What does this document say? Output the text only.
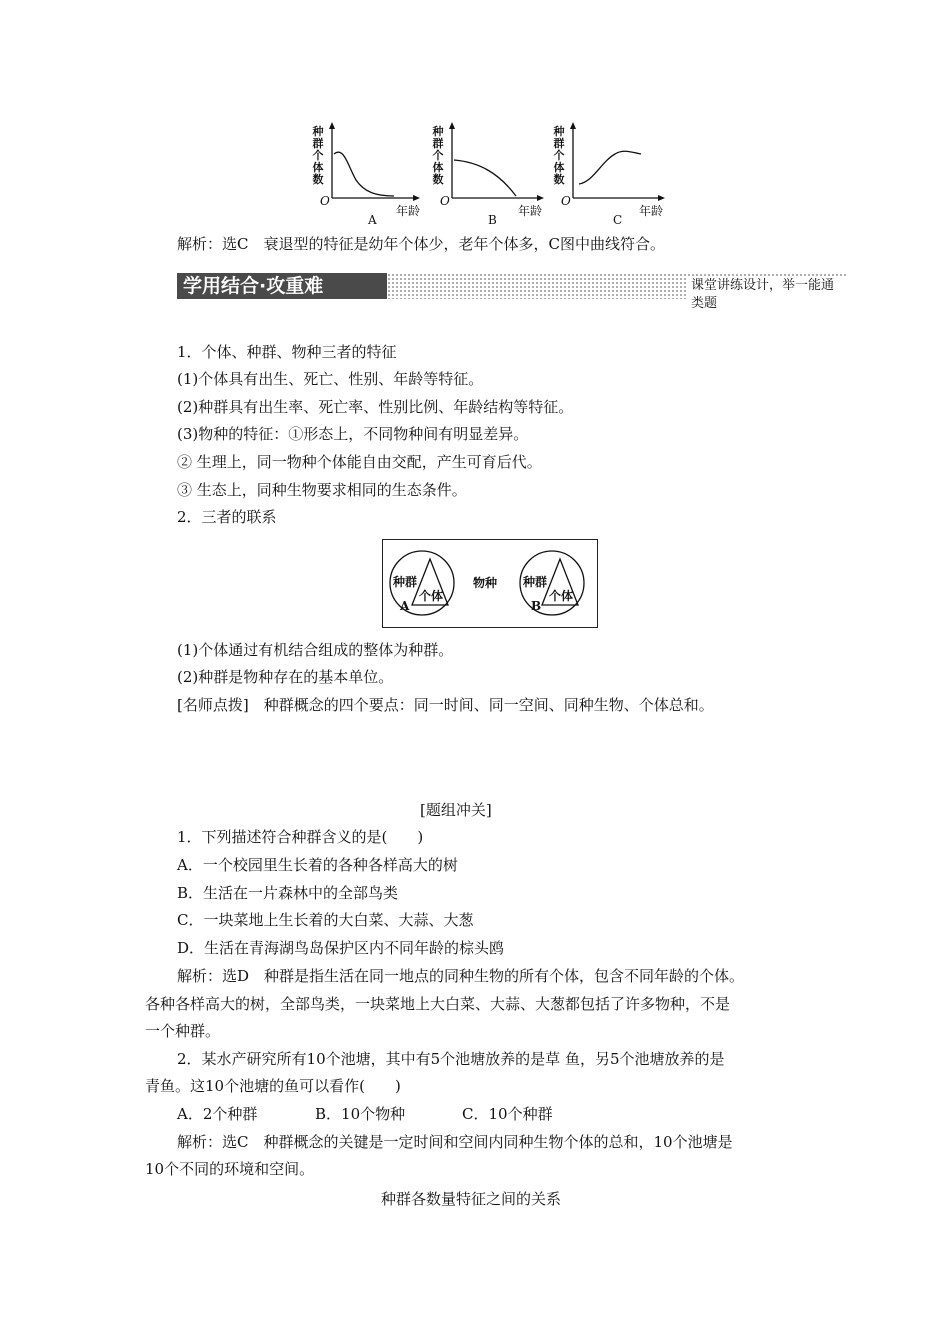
种群个体数
O
年龄
A
种群个体数
O
年龄
B
种群个体数
O
年龄
C
解析：选C　衰退型的特征是幼年个体少，老年个体多，C图中曲线符合。
学用结合·攻重难	课堂讲练设计，举一能通类题
1．个体、种群、物种三者的特征
(1)个体具有出生、死亡、性别、年龄等特征。
(2)种群具有出生率、死亡率、性别比例、年龄结构等特征。
(3)物种的特征：①形态上，不同物种间有明显差异。
② 生理上，同一物种个体能自由交配，产生可育后代。
③ 生态上，同种生物要求相同的生态条件。
2．三者的联系
种群
个体
A
物种 种群
个体
B
(1)个体通过有机结合组成的整体为种群。
(2)种群是物种存在的基本单位。
[名师点拨]　种群概念的四个要点：同一时间、同一空间、同种生物、个体总和。
[题组冲关]
1．下列描述符合种群含义的是(　　)
A．一个校园里生长着的各种各样高大的树
B．生活在一片森林中的全部鸟类
C．一块菜地上生长着的大白菜、大蒜、大葱
D．生活在青海湖鸟岛保护区内不同年龄的棕头鸥
解析：选D　种群是指生活在同一地点的同种生物的所有个体，包含不同年龄的个体。
各种各样高大的树，全部鸟类，一块菜地上大白菜、大蒜、大葱都包括了许多物种，不是
一个种群。
2．某水产研究所有10个池塘，其中有5个池塘放养的是草 鱼，另5个池塘放养的是
青鱼。这10个池塘的鱼可以看作(　　)
A．2个种群	B．10个物种	C．10个种群
解析：选C　种群概念的关键是一定时间和空间内同种生物个体的总和，10个池塘是
10个不同的环境和空间。
种群各数量特征之间的关系
